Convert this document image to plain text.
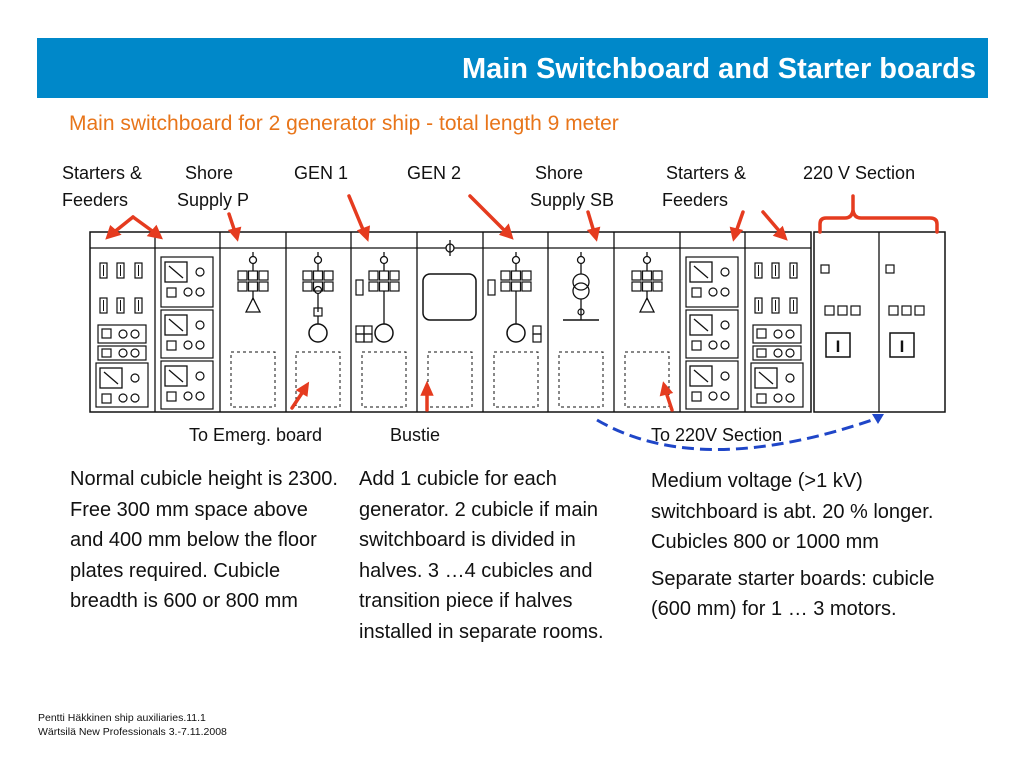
Main Switchboard and Starter boards
Main switchboard for 2 generator ship - total length 9 meter
Starters &
Feeders
Shore
Supply P
GEN 1	GEN 2	Shore
Supply SB
Starters &
Feeders
220 V Section
I	I
To Emerg. board	Bustie	To 220V Section

Normal cubicle height is 2300. Free 300 mm space above and 400 mm below the floor plates required. Cubicle breadth is 600 or 800 mm

Add 1 cubicle for each generator. 2 cubicle if main switchboard is divided in halves. 3 …4 cubicles and transition piece if halves installed in separate rooms.

Medium voltage (>1 kV) switchboard is abt. 20 % longer. Cubicles 800 or 1000 mm

Separate starter boards: cubicle (600 mm) for 1 … 3 motors.

Pentti Häkkinen ship auxiliaries.11.1
Wärtsilä New Professionals 3.-7.11.2008
